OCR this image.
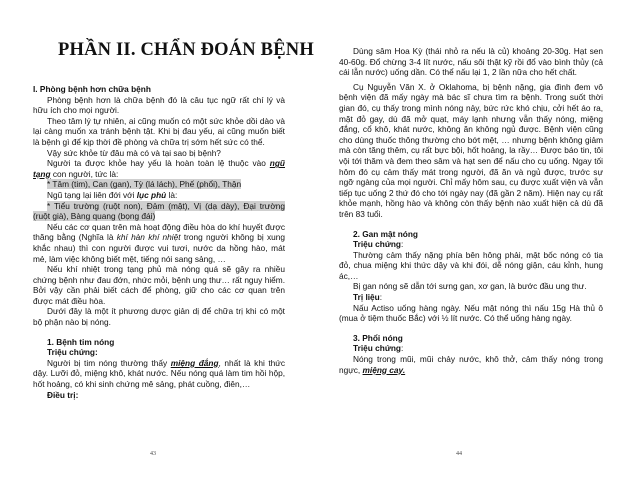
PHẦN II. CHẨN ĐOÁN BỆNH
I. Phòng bệnh hơn chữa bệnh

Phòng bệnh hơn là chữa bệnh đó là câu tục ngữ rất chí lý và hữu ích cho mọi người.

Theo tâm lý tự nhiên, ai cũng muốn có một sức khỏe dồi dào và lại càng muốn xa tránh bệnh tật. Khi bị đau yếu, ai cũng muốn biết là bệnh gì để kịp thời đề phòng và chữa trị sớm hết sức có thể.

Vậy sức khỏe từ đâu mà có và tại sao bị bệnh?

Người ta được khỏe hay yếu là hoàn toàn lệ thuộc vào ngũ tạng con người, tức là:

* Tâm (tim), Can (gan), Tỳ (lá lách), Phế (phổi), Thận

Ngũ tạng lại liên đới với lục phủ là:

* Tiểu trường (ruột non), Đảm (mật), Vị (dạ dày), Đại trường (ruột già), Bàng quang (bọng đái)

Nếu các cơ quan trên mà hoạt động điều hòa do khí huyết được thăng bằng (Nghĩa là khí hàn khí nhiệt trong người không bị xung khắc nhau) thì con người được vui tươi, nước da hồng hào, mát mẻ, làm việc không biết mệt, tiếng nói sang sảng, …

Nếu khí nhiệt trong tạng phủ mà nóng quá sẽ gây ra nhiều chứng bệnh như đau đớn, nhức mỏi, bệnh ung thư… rất nguy hiểm. Bởi vậy cần phải biết cách để phòng, giữ cho các cơ quan trên được mát điều hòa.

Dưới đây là một ít phương dược giản dị để chữa trị khi có một bộ phận nào bị nóng.

1. Bệnh tim nóng
Triệu chứng:

Người bị tim nóng thường thấy miệng đắng, nhất là khi thức dậy. Lưỡi đỏ, miệng khô, khát nước. Nếu nóng quá làm tim hồi hộp, hốt hoảng, có khi sinh chứng mê sảng, phát cuồng, điên,…

Điều trị:
43

Dùng sâm Hoa Kỳ (thái nhỏ ra nếu là củ) khoảng 20-30g. Hạt sen 40-60g. Đổ chừng 3-4 lít nước, nấu sôi thật kỹ rồi đổ vào bình thủy (cả cái lẫn nước) uống dần. Có thể nấu lại 1, 2 lần nữa cho hết chất.

Cụ Nguyễn Văn X. ở Oklahoma, bị bệnh nặng, gia đình đem vô bệnh viện đã mấy ngày mà bác sĩ chưa tìm ra bệnh. Trong suốt thời gian đó, cụ thấy trong mình nóng nảy, bức rức khó chịu, cởi hết áo ra, mặt đỏ gay, dù đã mở quạt, máy lạnh nhưng vẫn thấy nóng, miệng đắng, cổ khô, khát nước, không ăn không ngủ được. Bệnh viện cũng cho dùng thuốc thông thường cho bớt mệt, … nhưng bệnh không giảm mà còn tăng thêm, cụ rất bực bội, hốt hoảng, la rầy… Được báo tin, tôi vội tới thăm và đem theo sâm và hạt sen để nấu cho cụ uống. Ngay tối hôm đó cụ cảm thấy mát trong người, đã ăn và ngủ được, trước sự ngỡ ngàng của mọi người. Chỉ mấy hôm sau, cụ được xuất viện và vẫn tiếp tục uống 2 thứ đó cho tới ngày nay (đã gần 2 năm). Hiện nay cụ rất khỏe mạnh, hồng hào và không còn thấy bệnh nào xuất hiện cả dù đã trên 83 tuổi.

2. Gan mật nóng
Triệu chứng:

Thường cảm thấy nặng phía bên hông phải, mật bốc nóng có tia đỏ, chua miệng khi thức dậy và khi đói, dễ nóng giận, cáu kỉnh, hung ác,…

Bị gan nóng sẽ dẫn tới sưng gan, xơ gan, là bước đầu ung thư.

Trị liệu:

Nấu Actiso uống hàng ngày. Nếu mật nóng thì nấu 15g Hà thủ ô (mua ở tiệm thuốc Bắc) với ½ lít nước. Có thể uống hàng ngày.

3. Phổi nóng
Triệu chứng:

Nóng trong mũi, mũi chảy nước, khô thở, cảm thấy nóng trong ngực, miệng cay.

44
